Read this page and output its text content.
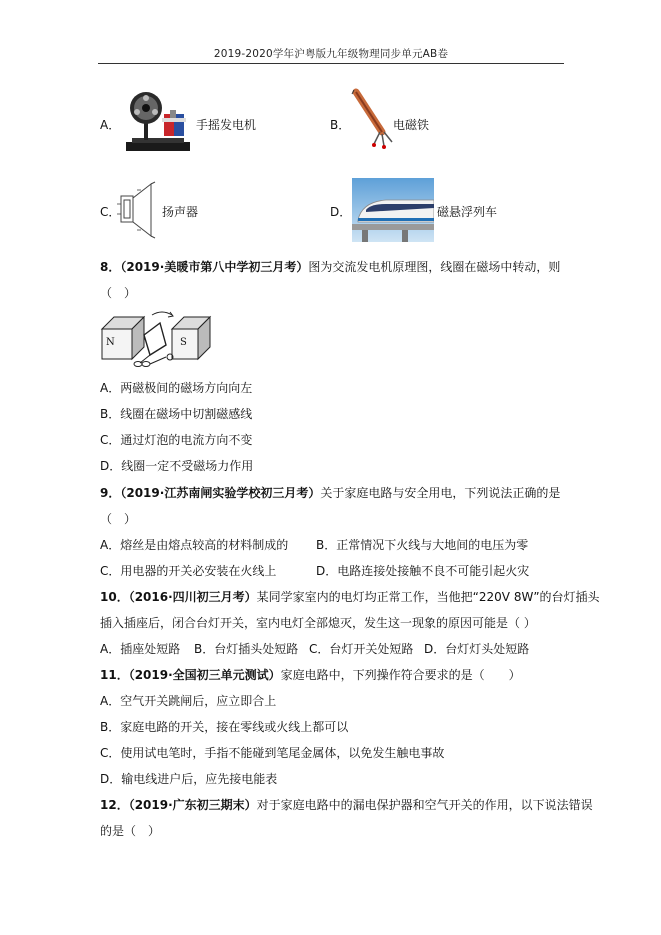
2019-2020学年沪粤版九年级物理同步单元AB卷
A．	手摇发电机	B．	电磁铁
C．	扬声器	D．	磁悬浮列车
8．（2019·美暖市第八中学初三月考）图为交流发电机原理图，线圈在磁场中转动，则
（　）
N	S
A．两磁极间的磁场方向向左
B．线圈在磁场中切割磁感线
C．通过灯泡的电流方向不变
D．线圈一定不受磁场力作用
9．（2019·江苏南闸实验学校初三月考）关于家庭电路与安全用电，下列说法正确的是
（　）
A．熔丝是由熔点较高的材料制成的 B．正常情况下火线与大地间的电压为零
C．用电器的开关必安装在火线上	D．电路连接处接触不良不可能引起火灾
10．（2016·四川初三月考）某同学家室内的电灯均正常工作，当他把“220V 8W”的台灯插头
插入插座后，闭合台灯开关，室内电灯全部熄灭，发生这一现象的原因可能是（ ）
A．插座处短路 B．台灯插头处短路 C．台灯开关处短路 D．台灯灯头处短路
11．（2019·全国初三单元测试）家庭电路中，下列操作符合要求的是（　　）
A．空气开关跳闸后，应立即合上
B．家庭电路的开关，接在零线或火线上都可以
C．使用试电笔时，手指不能碰到笔尾金属体，以免发生触电事故
D．输电线进户后，应先接电能表
12．（2019·广东初三期末）对于家庭电路中的漏电保护器和空气开关的作用，以下说法错误
的是（　）
